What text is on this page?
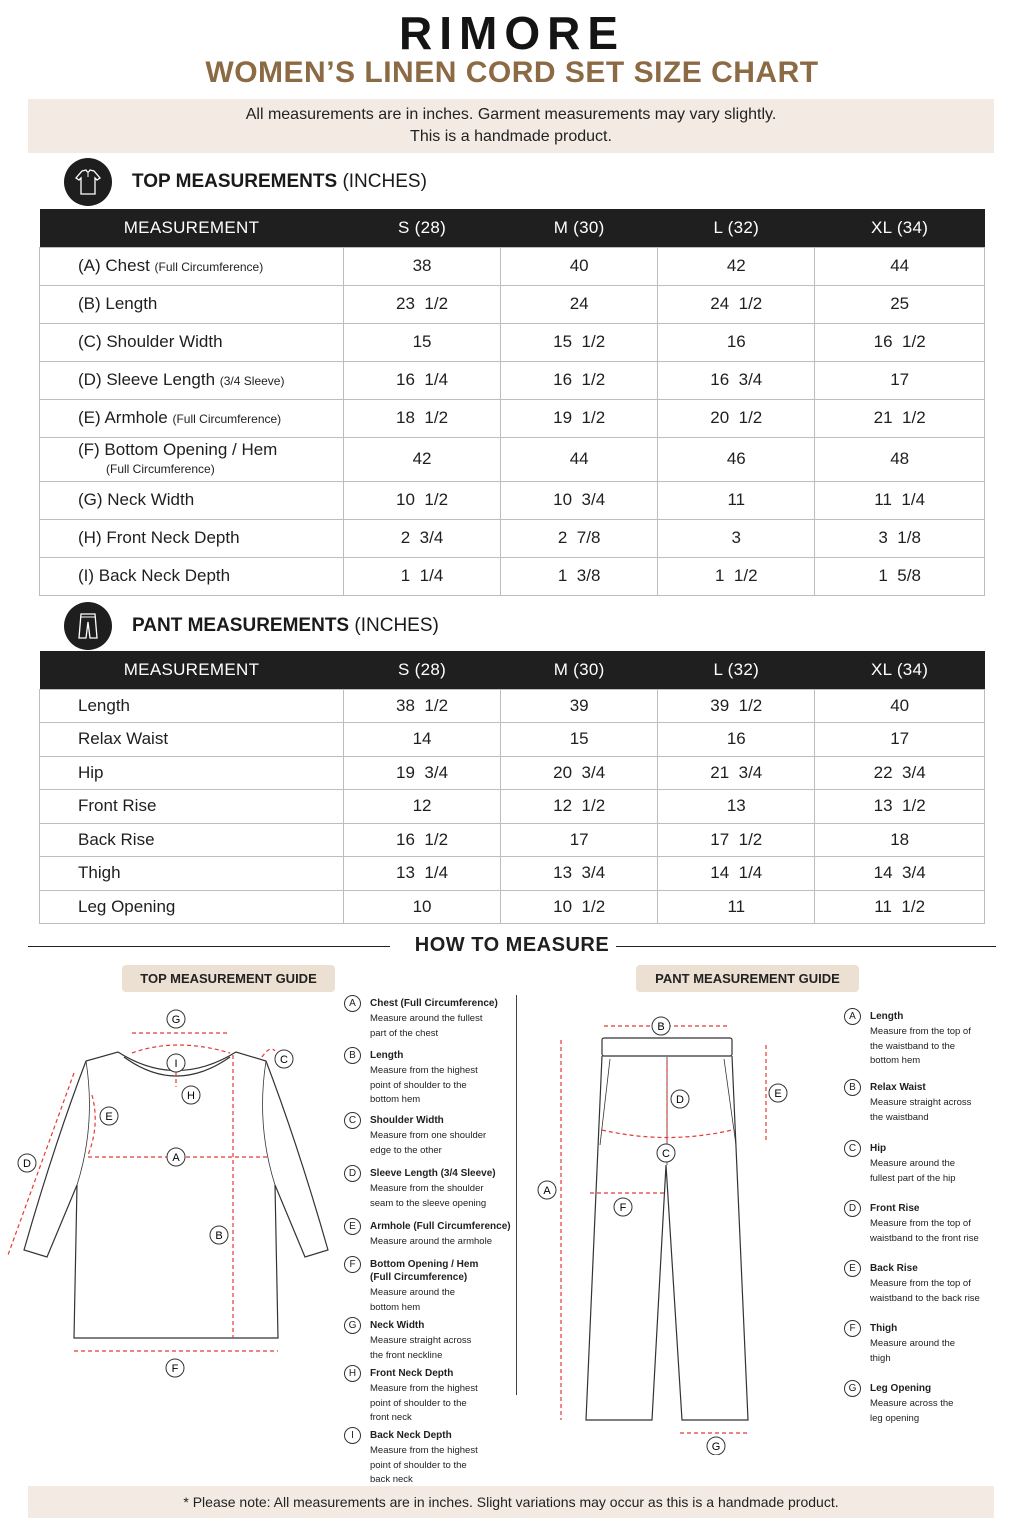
RIMORE
WOMEN’S LINEN CORD SET SIZE CHART
All measurements are in inches. Garment measurements may vary slightly.
This is a handmade product.
TOP MEASUREMENTS (INCHES)
MEASUREMENT	S (28)	M (30)	L (32)	XL (34)
(A) Chest (Full Circumference)	38	40	42	44
(B) Length	23  1/2	24	24  1/2	25
(C) Shoulder Width	15	15  1/2	16	16  1/2
(D) Sleeve Length (3/4 Sleeve)	16  1/4	16  1/2	16  3/4	17
(E) Armhole (Full Circumference)	18  1/2	19  1/2	20  1/2	21  1/2
(F) Bottom Opening / Hem
(Full Circumference)	42	44	46	48
(G) Neck Width	10  1/2	10  3/4	11	11  1/4
(H) Front Neck Depth	2  3/4	2  7/8	3	3  1/8
(I) Back Neck Depth	1  1/4	1  3/8	1  1/2	1  5/8
PANT MEASUREMENTS (INCHES)
MEASUREMENT	S (28)	M (30)	L (32)	XL (34)
Length	38  1/2	39	39  1/2	40
Relax Waist	14	15	16	17
Hip	19  3/4	20  3/4	21  3/4	22  3/4
Front Rise	12	12  1/2	13	13  1/2
Back Rise	16  1/2	17	17  1/2	18
Thigh	13  1/4	13  3/4	14  1/4	14  3/4
Leg Opening	10	10  1/2	11	11  1/2
HOW TO MEASURE
TOP MEASUREMENT GUIDE	PANT MEASUREMENT GUIDE
G
C
I
H
E
D	A
B
F
B
E
D
C
A
F
G
A	Chest (Full Circumference)
Measure around the fullest
part of the chest
B	Length
Measure from the highest
point of shoulder to the
bottom hem
C	Shoulder Width
Measure from one shoulder
edge to the other
D	Sleeve Length (3/4 Sleeve)
Measure from the shoulder
seam to the sleeve opening
E	Armhole (Full Circumference)
Measure around the armhole
F	Bottom Opening / Hem
(Full Circumference)
Measure around the
bottom hem
G	Neck Width
Measure straight across
the front neckline
H	Front Neck Depth
Measure from the highest
point of shoulder to the
front neck
I	Back Neck Depth
Measure from the highest
point of shoulder to the
back neck
A	Length
Measure from the top of
the waistband to the
bottom hem
B	Relax Waist
Measure straight across
the waistband
C	Hip
Measure around the
fullest part of the hip
D	Front Rise
Measure from the top of
waistband to the front rise
E	Back Rise
Measure from the top of
waistband to the back rise
F	Thigh
Measure around the
thigh
G	Leg Opening
Measure across the
leg opening
* Please note: All measurements are in inches. Slight variations may occur as this is a handmade product.
